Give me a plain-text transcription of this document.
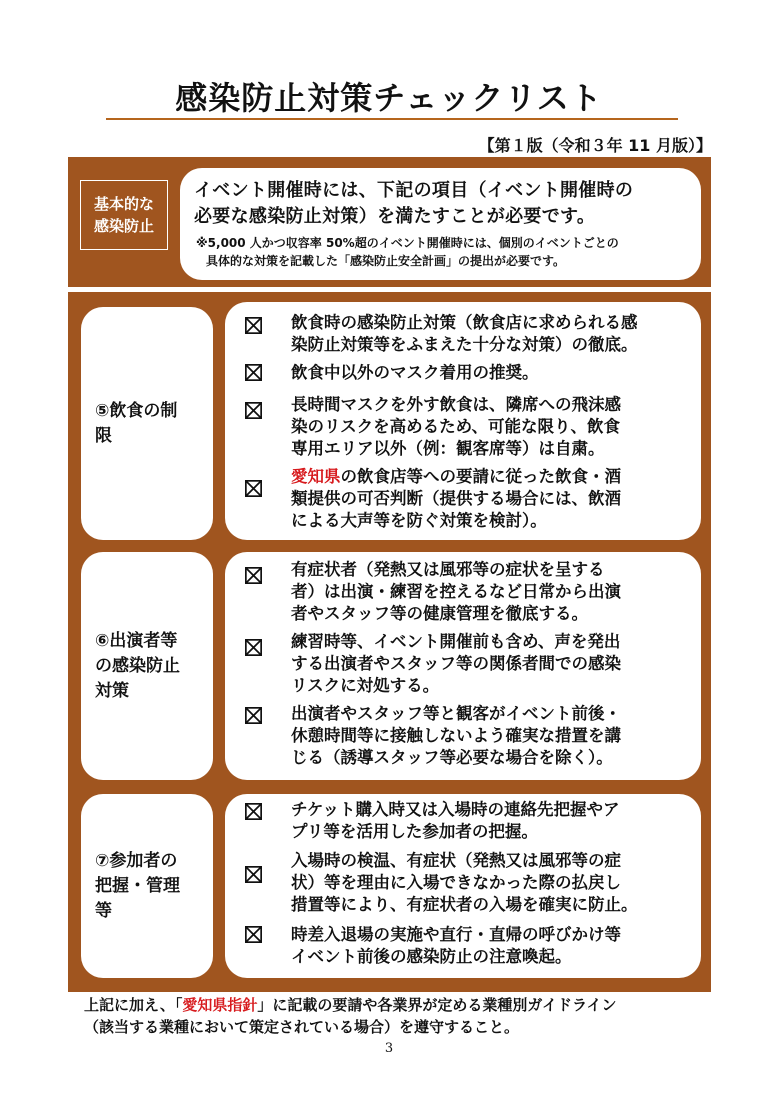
感染防止対策チェックリスト
【第１版（令和３年 11 月版）】
基本的な
感染防止
イベント開催時には、下記の項目（イベント開催時の
必要な感染防止対策）を満たすことが必要です。
※5,000 人かつ収容率 50%超のイベント開催時には、個別のイベントごとの
具体的な対策を記載した「感染防止安全計画」の提出が必要です。
⑤飲食の制
限
飲食時の感染防止対策（飲食店に求められる感
染防止対策等をふまえた十分な対策）の徹底。
飲食中以外のマスク着用の推奨。
長時間マスクを外す飲食は、隣席への飛沫感
染のリスクを高めるため、可能な限り、飲食
専用エリア以外（例：観客席等）は自粛。
愛知県の飲食店等への要請に従った飲食・酒
類提供の可否判断（提供する場合には、飲酒
による大声等を防ぐ対策を検討）。
⑥出演者等
の感染防止
対策
有症状者（発熱又は風邪等の症状を呈する
者）は出演・練習を控えるなど日常から出演
者やスタッフ等の健康管理を徹底する。
練習時等、イベント開催前も含め、声を発出
する出演者やスタッフ等の関係者間での感染
リスクに対処する。
出演者やスタッフ等と観客がイベント前後・
休憩時間等に接触しないよう確実な措置を講
じる（誘導スタッフ等必要な場合を除く）。
⑦参加者の
把握・管理
等
チケット購入時又は入場時の連絡先把握やア
プリ等を活用した参加者の把握。
入場時の検温、有症状（発熱又は風邪等の症
状）等を理由に入場できなかった際の払戻し
措置等により、有症状者の入場を確実に防止。
時差入退場の実施や直行・直帰の呼びかけ等
イベント前後の感染防止の注意喚起。
上記に加え、「愛知県指針」に記載の要請や各業界が定める業種別ガイドライン
（該当する業種において策定されている場合）を遵守すること。
3
